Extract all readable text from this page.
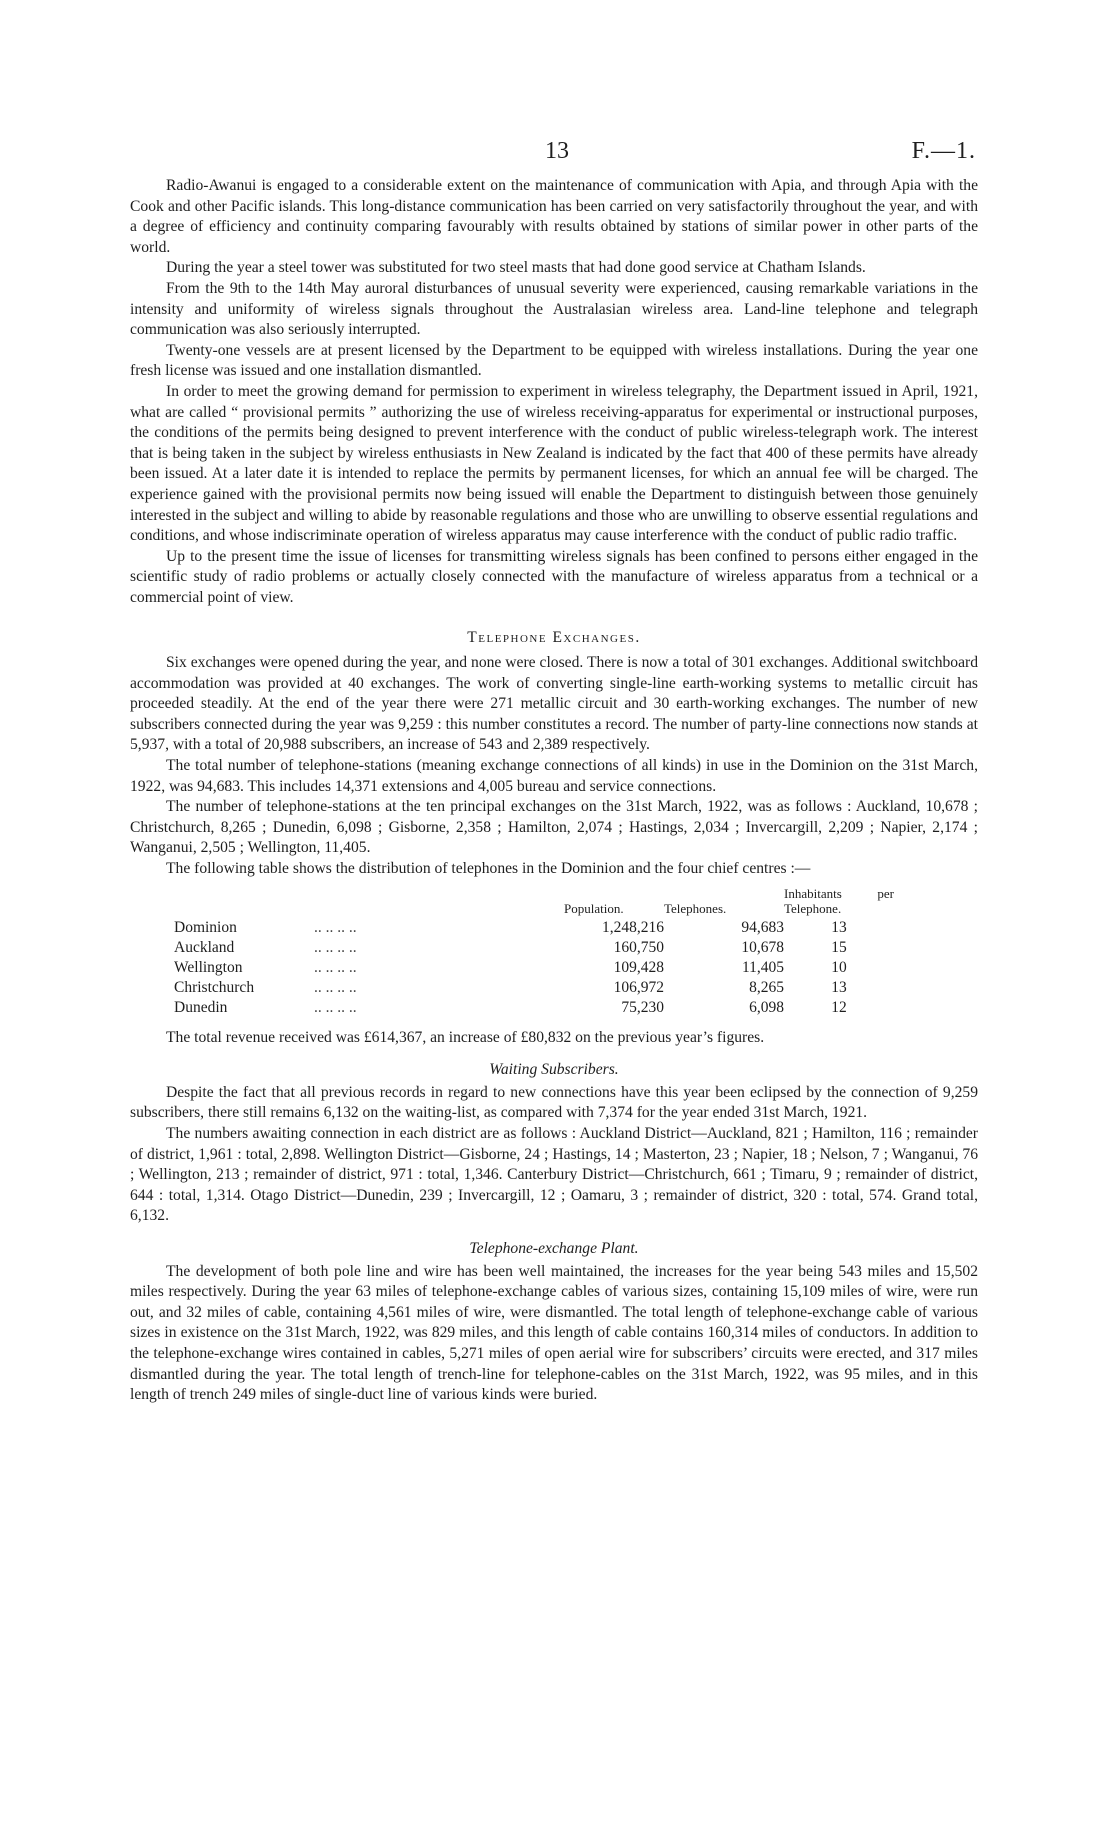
13	F.—1.

Radio-Awanui is engaged to a considerable extent on the maintenance of communication with Apia, and through Apia with the Cook and other Pacific islands. This long-distance communication has been carried on very satisfactorily throughout the year, and with a degree of efficiency and continuity comparing favourably with results obtained by stations of similar power in other parts of the world.

During the year a steel tower was substituted for two steel masts that had done good service at Chatham Islands.

From the 9th to the 14th May auroral disturbances of unusual severity were experienced, causing remarkable variations in the intensity and uniformity of wireless signals throughout the Australasian wireless area. Land-line telephone and telegraph communication was also seriously interrupted.

Twenty-one vessels are at present licensed by the Department to be equipped with wireless installations. During the year one fresh license was issued and one installation dismantled.

In order to meet the growing demand for permission to experiment in wireless telegraphy, the Department issued in April, 1921, what are called “ provisional permits ” authorizing the use of wireless receiving-apparatus for experimental or instructional purposes, the conditions of the permits being designed to prevent interference with the conduct of public wireless-telegraph work. The interest that is being taken in the subject by wireless enthusiasts in New Zealand is indicated by the fact that 400 of these permits have already been issued. At a later date it is intended to replace the permits by permanent licenses, for which an annual fee will be charged. The experience gained with the provisional permits now being issued will enable the Department to distinguish between those genuinely interested in the subject and willing to abide by reasonable regulations and those who are unwilling to observe essential regulations and conditions, and whose indiscriminate operation of wireless apparatus may cause interference with the conduct of public radio traffic.

Up to the present time the issue of licenses for transmitting wireless signals has been confined to persons either engaged in the scientific study of radio problems or actually closely connected with the manufacture of wireless apparatus from a technical or a commercial point of view.

Telephone Exchanges.

Six exchanges were opened during the year, and none were closed. There is now a total of 301 exchanges. Additional switchboard accommodation was provided at 40 exchanges. The work of converting single-line earth-working systems to metallic circuit has proceeded steadily. At the end of the year there were 271 metallic circuit and 30 earth-working exchanges. The number of new subscribers connected during the year was 9,259 : this number constitutes a record. The number of party-line connections now stands at 5,937, with a total of 20,988 subscribers, an increase of 543 and 2,389 respectively.

The total number of telephone-stations (meaning exchange connections of all kinds) in use in the Dominion on the 31st March, 1922, was 94,683. This includes 14,371 extensions and 4,005 bureau and service connections.

The number of telephone-stations at the ten principal exchanges on the 31st March, 1922, was as follows : Auckland, 10,678 ; Christchurch, 8,265 ; Dunedin, 6,098 ; Gisborne, 2,358 ; Hamilton, 2,074 ; Hastings, 2,034 ; Invercargill, 2,209 ; Napier, 2,174 ; Wanganui, 2,505 ; Wellington, 11,405.

The following table shows the distribution of telephones in the Dominion and the four chief centres :—

		Population.	Telephones.	Inhabitants per Telephone.
Dominion	.. .. .. ..	1,248,216	94,683	13
Auckland	.. .. .. ..	160,750	10,678	15
Wellington	.. .. .. ..	109,428	11,405	10
Christchurch	.. .. .. ..	106,972	8,265	13
Dunedin	.. .. .. ..	75,230	6,098	12

The total revenue received was £614,367, an increase of £80,832 on the previous year’s figures.

Waiting Subscribers.

Despite the fact that all previous records in regard to new connections have this year been eclipsed by the connection of 9,259 subscribers, there still remains 6,132 on the waiting-list, as compared with 7,374 for the year ended 31st March, 1921.

The numbers awaiting connection in each district are as follows : Auckland District—Auckland, 821 ; Hamilton, 116 ; remainder of district, 1,961 : total, 2,898. Wellington District—Gisborne, 24 ; Hastings, 14 ; Masterton, 23 ; Napier, 18 ; Nelson, 7 ; Wanganui, 76 ; Wellington, 213 ; remainder of district, 971 : total, 1,346. Canterbury District—Christchurch, 661 ; Timaru, 9 ; remainder of district, 644 : total, 1,314. Otago District—Dunedin, 239 ; Invercargill, 12 ; Oamaru, 3 ; remainder of district, 320 : total, 574. Grand total, 6,132.

Telephone-exchange Plant.

The development of both pole line and wire has been well maintained, the increases for the year being 543 miles and 15,502 miles respectively. During the year 63 miles of telephone-exchange cables of various sizes, containing 15,109 miles of wire, were run out, and 32 miles of cable, containing 4,561 miles of wire, were dismantled. The total length of telephone-exchange cable of various sizes in existence on the 31st March, 1922, was 829 miles, and this length of cable contains 160,314 miles of conductors. In addition to the telephone-exchange wires contained in cables, 5,271 miles of open aerial wire for subscribers’ circuits were erected, and 317 miles dismantled during the year. The total length of trench-line for telephone-cables on the 31st March, 1922, was 95 miles, and in this length of trench 249 miles of single-duct line of various kinds were buried.
